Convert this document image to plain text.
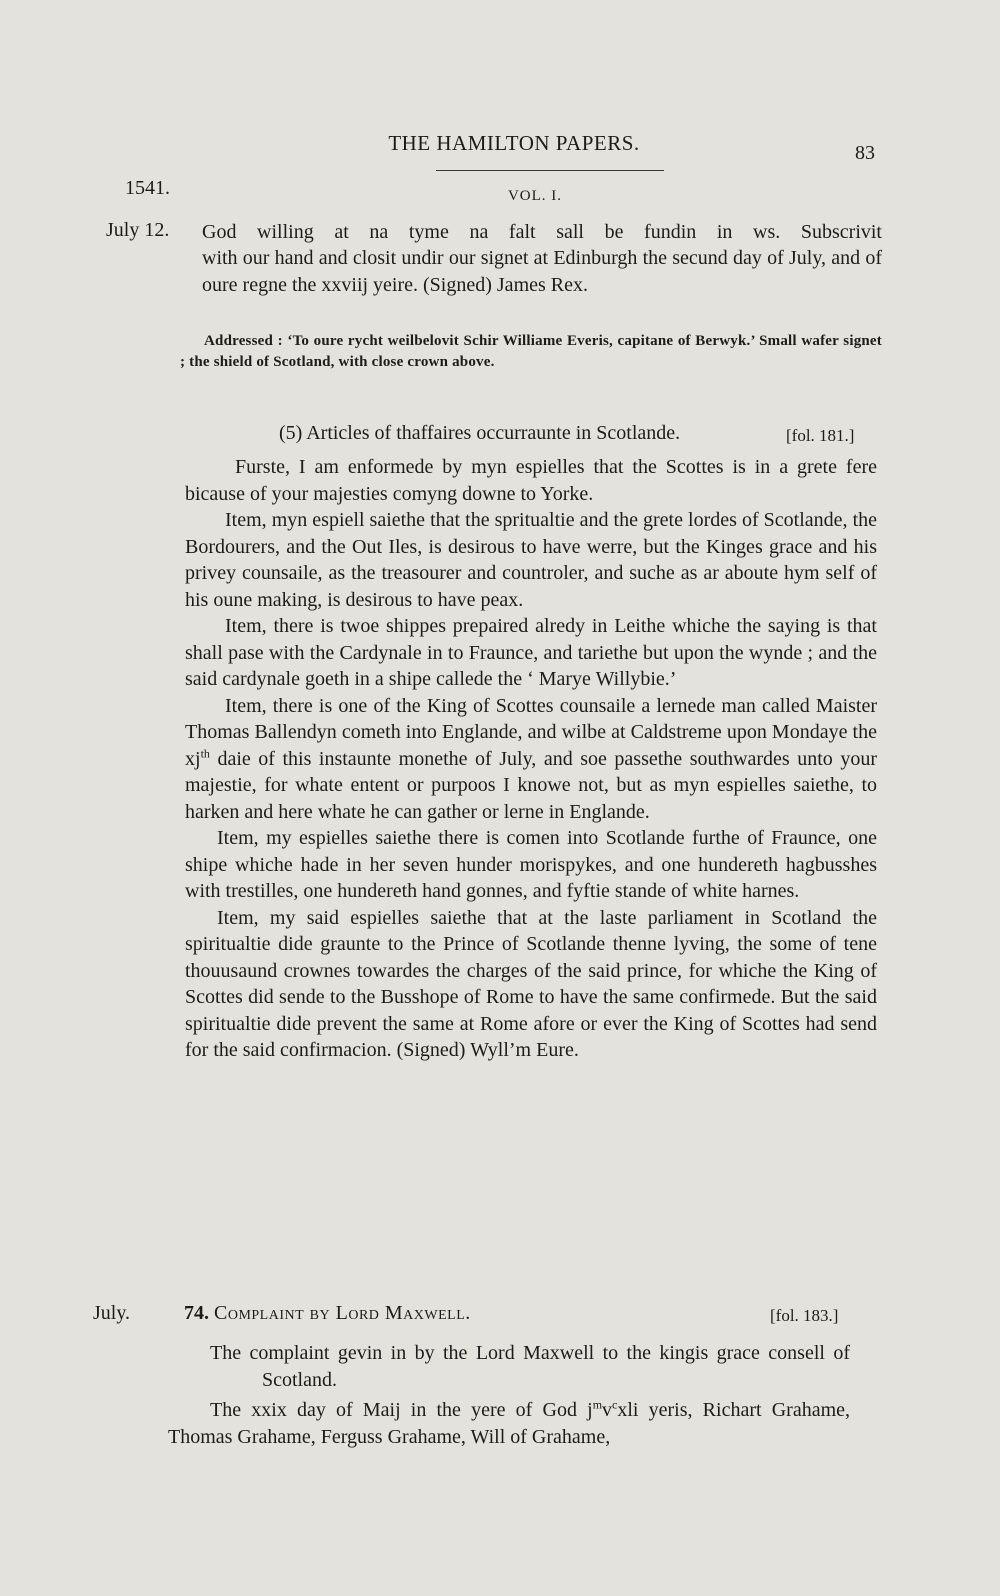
THE HAMILTON PAPERS.	83
1541.	VOL. I.
July 12. God willing at na tyme na falt sall be fundin in ws. Subscrivit
with our hand and closit undir our signet at Edinburgh the secund day of July, and of oure regne the xxviij yeire. (Signed) James Rex.
Addressed : ‘To oure rycht weilbelovit Schir Williame Everis, capitane of Berwyk.’ Small wafer signet ; the shield of Scotland, with close crown above.
(5) Articles of thaffaires occurraunte in Scotlande.	[fol. 181.]

Furste, I am enformede by myn espielles that the Scottes is in a grete fere bicause of your majesties comyng downe to Yorke.

Item, myn espiell saiethe that the spritualtie and the grete lordes of Scotlande, the Bordourers, and the Out Iles, is desirous to have werre, but the Kinges grace and his privey counsaile, as the treasourer and countroler, and suche as ar aboute hym self of his oune making, is desirous to have peax.

Item, there is twoe shippes prepaired alredy in Leithe whiche the saying is that shall pase with the Cardynale in to Fraunce, and tariethe but upon the wynde ; and the said cardynale goeth in a shipe callede the ‘ Marye Willybie.’

Item, there is one of the King of Scottes counsaile a lernede man called Maister Thomas Ballendyn cometh into Englande, and wilbe at Caldstreme upon Mondaye the $xj^{th}$ daie of this instaunte monethe of July, and soe passethe southwardes unto your majestie, for whate entent or purpoos I knowe not, but as myn espielles saiethe, to harken and here whate he can gather or lerne in Englande.

Item, my espielles saiethe there is comen into Scotlande furthe of Fraunce, one shipe whiche hade in her seven hunder morispykes, and one hundereth hagbusshes with trestilles, one hundereth hand gonnes, and fyftie stande of white harnes.

Item, my said espielles saiethe that at the laste parliament in Scotland the spiritualtie dide graunte to the Prince of Scotlande thenne lyving, the some of tene thouusaund crownes towardes the charges of the said prince, for whiche the King of Scottes did sende to the Busshope of Rome to have the same confirmede. But the said spiritualtie dide prevent the same at Rome afore or ever the King of Scottes had send for the said confirmacion. (Signed) Wyll’m Eure.

July.	74. Complaint by Lord Maxwell.	[fol. 183.]

The complaint gevin in by the Lord Maxwell to the kingis grace consell of Scotland.

The xxix day of Maij in the yere of God $j^mv^cxli$ yeris, Richart Grahame, Thomas Grahame, Ferguss Grahame, Will of Grahame,
